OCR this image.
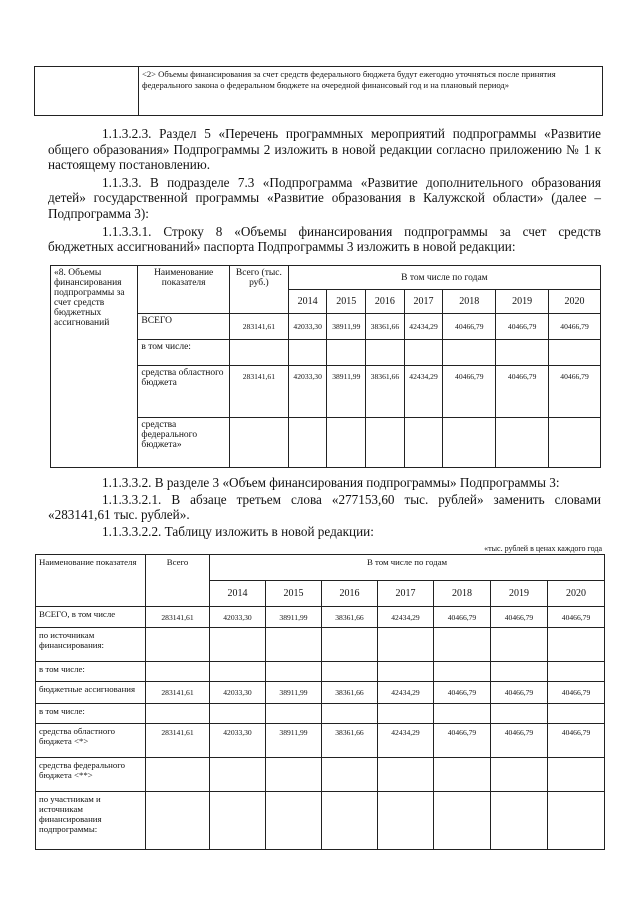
	<2> Объемы финансирования за счет средств федерального бюджета будут ежегодно уточняться после принятия федерального закона о федеральном бюджете на очередной финансовый год и на плановый период»

1.1.3.2.3. Раздел 5 «Перечень программных мероприятий подпрограммы «Развитие общего образования» Подпрограммы 2 изложить в новой редакции согласно приложению № 1 к настоящему постановлению.

1.1.3.3. В подразделе 7.3 «Подпрограмма «Развитие дополнительного образования детей» государственной программы «Развитие образования в Калужской области» (далее – Подпрограмма 3):

1.1.3.3.1. Строку 8 «Объемы финансирования подпрограммы за счет средств бюджетных ассигнований» паспорта Подпрограммы 3 изложить в новой редакции:

«8. Объемы финансирования подпрограммы за счет средств бюджетных ассигнований	Наименование показателя	Всего (тыс. руб.)	В том числе по годам						
			2014	2015	2016	2017	2018	2019	2020
	ВСЕГО	283141,61	42033,30	38911,99	38361,66	42434,29	40466,79	40466,79	40466,79
	в том числе:								
	средства областного бюджета	283141,61	42033,30	38911,99	38361,66	42434,29	40466,79	40466,79	40466,79
	средства федерального бюджета»								

1.1.3.3.2. В разделе 3 «Объем финансирования подпрограммы» Подпрограммы 3:

1.1.3.3.2.1. В абзаце третьем слова «277153,60 тыс. рублей» заменить словами «283141,61 тыс. рублей».

1.1.3.3.2.2. Таблицу изложить в новой редакции:

«тыс. рублей в ценах каждого года
Наименование показателя	Всего	В том числе по годам						
		2014	2015	2016	2017	2018	2019	2020
ВСЕГО, в том числе	283141,61	42033,30	38911,99	38361,66	42434,29	40466,79	40466,79	40466,79
по источникам финансирования:								
в том числе:								
бюджетные ассигнования	283141,61	42033,30	38911,99	38361,66	42434,29	40466,79	40466,79	40466,79
в том числе:								
средства областного бюджета <*>	283141,61	42033,30	38911,99	38361,66	42434,29	40466,79	40466,79	40466,79
средства федерального бюджета <**>								
по участникам и источникам финансирования подпрограммы:								
